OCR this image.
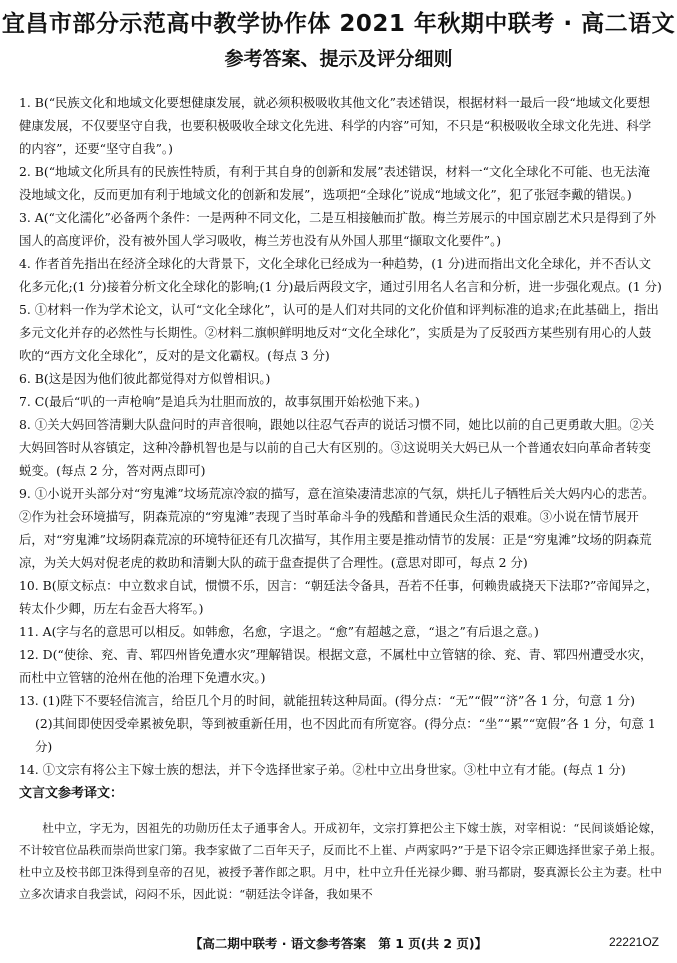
宜昌市部分示范高中教学协作体 2021 年秋期中联考 · 高二语文
参考答案、提示及评分细则

1. B(“民族文化和地域文化要想健康发展，就必须积极吸收其他文化”表述错误，根据材料一最后一段“地域文化要想健康发展，不仅要坚守自我，也要积极吸收全球文化先进、科学的内容”可知，不只是“积极吸收全球文化先进、科学的内容”，还要“坚守自我”。)

2. B(“地域文化所具有的民族性特质，有利于其自身的创新和发展”表述错误，材料一“文化全球化不可能、也无法淹没地域文化，反而更加有利于地域文化的创新和发展”，选项把“全球化”说成“地域文化”，犯了张冠李戴的错误。)

3. A(“文化濡化”必备两个条件：一是两种不同文化，二是互相接触而扩散。梅兰芳展示的中国京剧艺术只是得到了外国人的高度评价，没有被外国人学习吸收，梅兰芳也没有从外国人那里“撷取文化要件”。)

4. 作者首先指出在经济全球化的大背景下，文化全球化已经成为一种趋势，(1 分)进而指出文化全球化，并不否认文化多元化;(1 分)接着分析文化全球化的影响;(1 分)最后两段文字，通过引用名人名言和分析，进一步强化观点。(1 分)

5. ①材料一作为学术论文，认可“文化全球化”，认可的是人们对共同的文化价值和评判标准的追求;在此基础上，指出多元文化并存的必然性与长期性。②材料二旗帜鲜明地反对“文化全球化”，实质是为了反驳西方某些别有用心的人鼓吹的“西方文化全球化”，反对的是文化霸权。(每点 3 分)

6. B(这是因为他们彼此都觉得对方似曾相识。)

7. C(最后“叭的一声枪响”是追兵为壮胆而放的，故事氛围开始松弛下来。)

8. ①关大妈回答清剿大队盘问时的声音很响，跟她以往忍气吞声的说话习惯不同，她比以前的自己更勇敢大胆。②关大妈回答时从容镇定，这种冷静机智也是与以前的自己大有区别的。③这说明关大妈已从一个普通农妇向革命者转变蜕变。(每点 2 分，答对两点即可)

9. ①小说开头部分对“穷鬼滩”坟场荒凉冷寂的描写，意在渲染凄清悲凉的气氛，烘托儿子牺牲后关大妈内心的悲苦。②作为社会环境描写，阴森荒凉的“穷鬼滩”表现了当时革命斗争的残酷和普通民众生活的艰难。③小说在情节展开后，对“穷鬼滩”坟场阴森荒凉的环境特征还有几次描写，其作用主要是推动情节的发展：正是“穷鬼滩”坟场的阴森荒凉，为关大妈对倪老虎的救助和清剿大队的疏于盘查提供了合理性。(意思对即可，每点 2 分)

10. B(原文标点：中立数求自试，惯惯不乐，因言：“朝廷法令备具，吾若不任事，何赖贵戚挠天下法耶?”帝闻异之，转太仆少卿，历左右金吾大将军。)

11. A(字与名的意思可以相反。如韩愈，名愈，字退之。“愈”有超越之意，“退之”有后退之意。)

12. D(“使徐、兖、青、郓四州皆免遭水灾”理解错误。根据文意，不属杜中立管辖的徐、兖、青、郓四州遭受水灾，而杜中立管辖的沧州在他的治理下免遭水灾。)

13. (1)陛下不要轻信流言，给臣几个月的时间，就能扭转这种局面。(得分点：“无”“假”“济”各 1 分，句意 1 分)

(2)其间即使因受牵累被免职，等到被重新任用，也不因此而有所宽容。(得分点：“坐”“累”“宽假”各 1 分，句意 1 分)

14. ①文宗有将公主下嫁士族的想法，并下令选择世家子弟。②杜中立出身世家。③杜中立有才能。(每点 1 分)

文言文参考译文：

杜中立，字无为，因祖先的功勋历任太子通事舍人。开成初年，文宗打算把公主下嫁士族，对宰相说：“民间谈婚论嫁，不计较官位品秩而崇尚世家门第。我李家做了二百年天子，反而比不上崔、卢两家吗?”于是下诏令宗正卿选择世家子弟上报。杜中立及校书郎卫洙得到皇帝的召见，被授予著作郎之职。月中，杜中立升任光禄少卿、驸马都尉，娶真源长公主为妻。杜中立多次请求自我尝试，闷闷不乐，因此说：“朝廷法令详备，我如果不

【高二期中联考 · 语文参考答案　第 1 页(共 2 页)】	22221OZ
